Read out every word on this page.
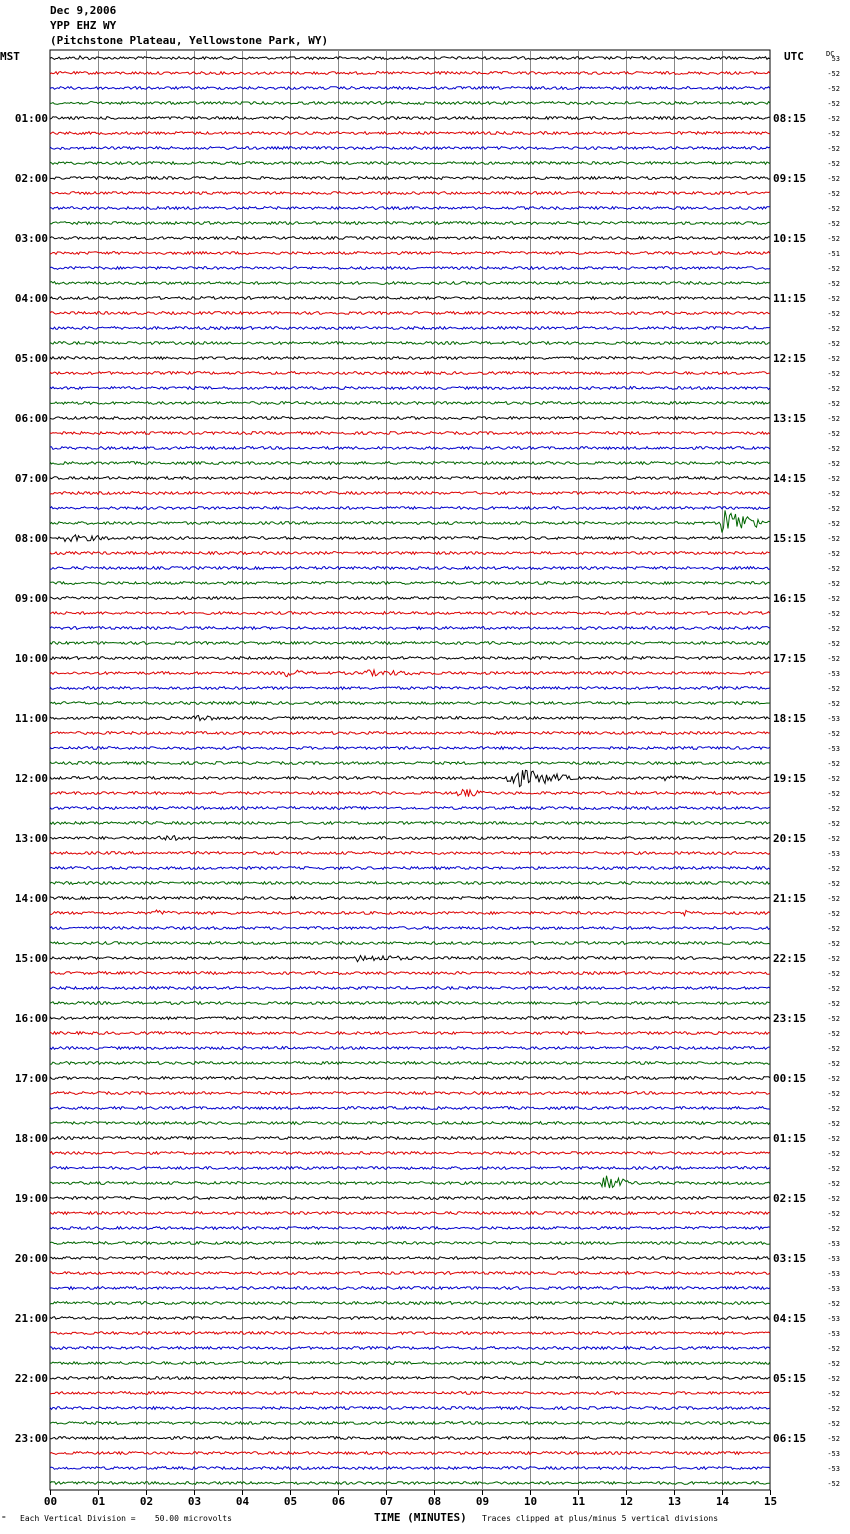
Dec 9,2006
YPP EHZ WY
(Pitchstone Plateau, Yellowstone Park, WY)
MST	UTC	DC
00	01	02	03	04	05	06	07	08	09	10	11	12	13	14	15
53
-52
-52
-52
-52
01:00	08:15
-52
-52
-52
-52
02:00	09:15
-52
-52
-52
-52
03:00	10:15
-51
-52
-52
-52
04:00	11:15
-52
-52
-52
-52
05:00	12:15
-52
-52
-52
-52
06:00	13:15
-52
-52
-52
-52
07:00	14:15
-52
-52
-52
-52
08:00	15:15
-52
-52
-52
-52
09:00	16:15
-52
-52
-52
-52
10:00	17:15
-53
-52
-52
-53
11:00	18:15
-52
-53
-52
-52
12:00	19:15
-52
-52
-52
-52
13:00	20:15
-53
-52
-52
-52
14:00	21:15
-52
-52
-52
-52
15:00	22:15
-52
-52
-52
-52
16:00	23:15
-52
-52
-52
-52
17:00	00:15
-52
-52
-52
-52
18:00	01:15
-52
-52
-52
-52
19:00	02:15
-52
-52
-53
-53
20:00	03:15
-53
-53
-52
-53
21:00	04:15
-53
-52
-52
-52
22:00	05:15
-52
-52
-52
-52
23:00	06:15
-53
-53
-52
= Each Vertical Division =    50.00 microvolts	TIME (MINUTES) Traces clipped at plus/minus 5 vertical divisions
